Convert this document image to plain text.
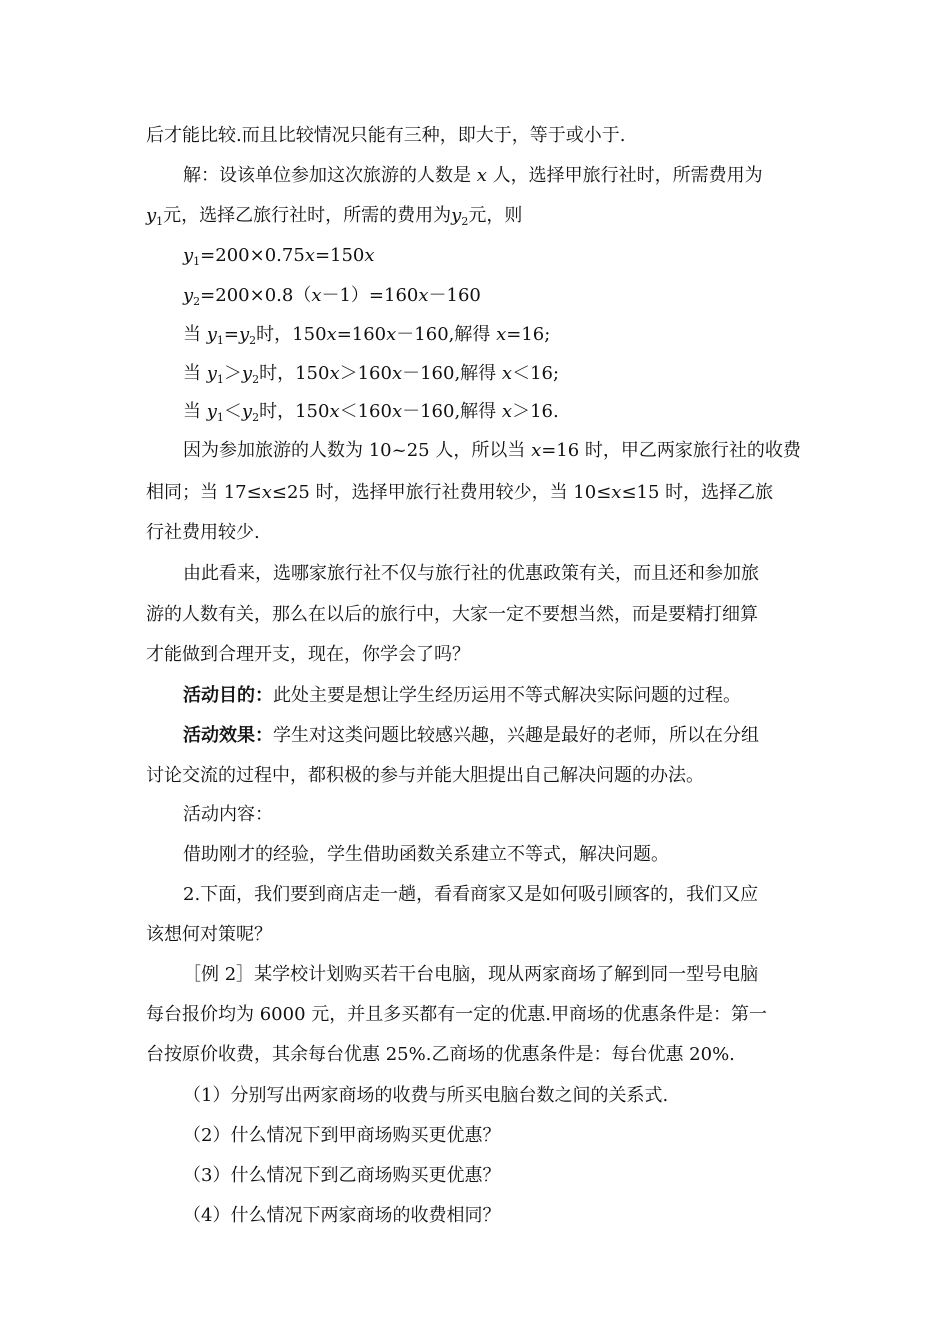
后才能比较.而且比较情况只能有三种，即大于，等于或小于.
解：设该单位参加这次旅游的人数是 x 人，选择甲旅行社时，所需费用为
$y_1$元，选择乙旅行社时，所需的费用为$y_2$元，则
$y_1=200\times 0.75x=150x$
$y_2=200\times 0.8(x-1)=160x-160$
当 $y_1=y_2$时，150x=160x－160,解得 x=16;
当 $y_1>y_2$时，150x＞160x－160,解得 x＜16;
当 $y_1<y_2$时，150x＜160x－160,解得 x＞16.
因为参加旅游的人数为 10~25 人，所以当 x=16 时，甲乙两家旅行社的收费
相同；当 17≤x≤25 时，选择甲旅行社费用较少，当 10≤x≤15 时，选择乙旅
行社费用较少.
由此看来，选哪家旅行社不仅与旅行社的优惠政策有关，而且还和参加旅
游的人数有关，那么在以后的旅行中，大家一定不要想当然，而是要精打细算
才能做到合理开支，现在，你学会了吗？
活动目的：此处主要是想让学生经历运用不等式解决实际问题的过程。
活动效果：学生对这类问题比较感兴趣，兴趣是最好的老师，所以在分组
讨论交流的过程中，都积极的参与并能大胆提出自己解决问题的办法。
活动内容：
借助刚才的经验，学生借助函数关系建立不等式，解决问题。
2.下面，我们要到商店走一趟，看看商家又是如何吸引顾客的，我们又应
该想何对策呢？
［例 2］某学校计划购买若干台电脑，现从两家商场了解到同一型号电脑
每台报价均为 6000 元，并且多买都有一定的优惠.甲商场的优惠条件是：第一
台按原价收费，其余每台优惠 25%.乙商场的优惠条件是：每台优惠 20%.
（1）分别写出两家商场的收费与所买电脑台数之间的关系式.
（2）什么情况下到甲商场购买更优惠？
（3）什么情况下到乙商场购买更优惠？
（4）什么情况下两家商场的收费相同？
